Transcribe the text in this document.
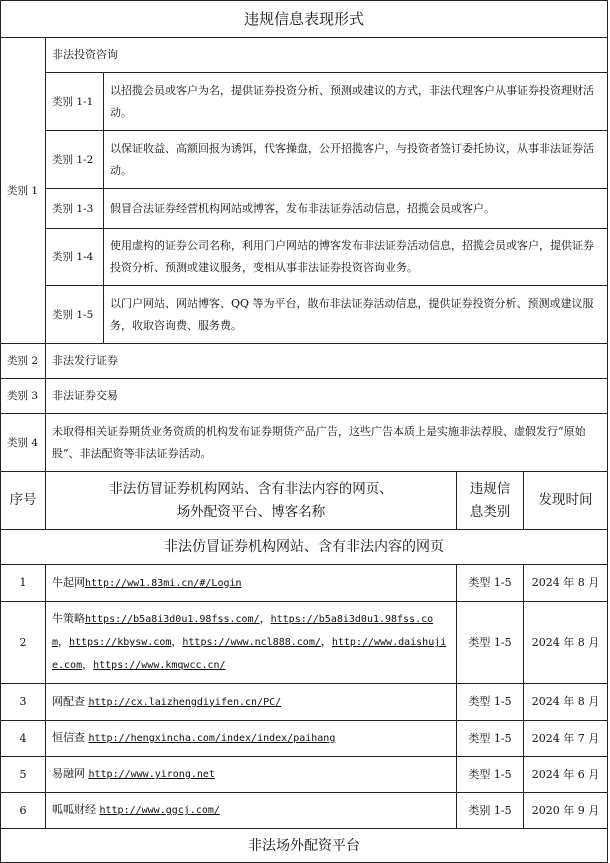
违规信息表现形式				
类别 1	非法投资咨询			
	类别 1-1	以招揽会员或客户为名，提供证券投资分析、预测或建议的方式，非法代理客户从事证券投资理财活动。		
	类别 1-2	以保证收益、高额回报为诱饵，代客操盘，公开招揽客户，与投资者签订委托协议，从事非法证券活动。		
	类别 1-3	假冒合法证券经营机构网站或博客，发布非法证券活动信息，招揽会员或客户。		
	类别 1-4	使用虚构的证券公司名称，利用门户网站的博客发布非法证券活动信息，招揽会员或客户，提供证券投资分析、预测或建议服务，变相从事非法证券投资咨询业务。		
	类别 1-5	以门户网站、网站博客、QQ 等为平台，散布非法证券活动信息，提供证券投资分析、预测或建议服务，收取咨询费、服务费。		
类别 2	非法发行证券			
类别 3	非法证券交易			
类别 4	未取得相关证券期货业务资质的机构发布证券期货产品广告，这些广告本质上是实施非法荐股、虚假发行“原始股”、非法配资等非法证券活动。			
序号	非法仿冒证券机构网站、含有非法内容的网页、场外配资平台、博客名称		违规信息类别	发现时间
非法仿冒证券机构网站、含有非法内容的网页				
1	牛起网http://ww1.83mi.cn/#/Login		类型 1-5	2024 年 8 月
2	牛策略https://b5a8i3d0u1.98fss.com/，https://b5a8i3d0u1.98fss.com，https://kbysw.com，https://www.ncl888.com/，http://www.daishujie.com，https://www.kmqwcc.cn/		类型 1-5	2024 年 8 月
3	网配查 http://cx.laizhengdiyifen.cn/PC/		类型 1-5	2024 年 8 月
4	恒信查 http://hengxincha.com/index/index/paihang		类型 1-5	2024 年 7 月
5	易融网 http://www.yirong.net		类型 1-5	2024 年 6 月
6	呱呱财经 http://www.ggcj.com/		类别 1-5	2020 年 9 月
非法场外配资平台				
